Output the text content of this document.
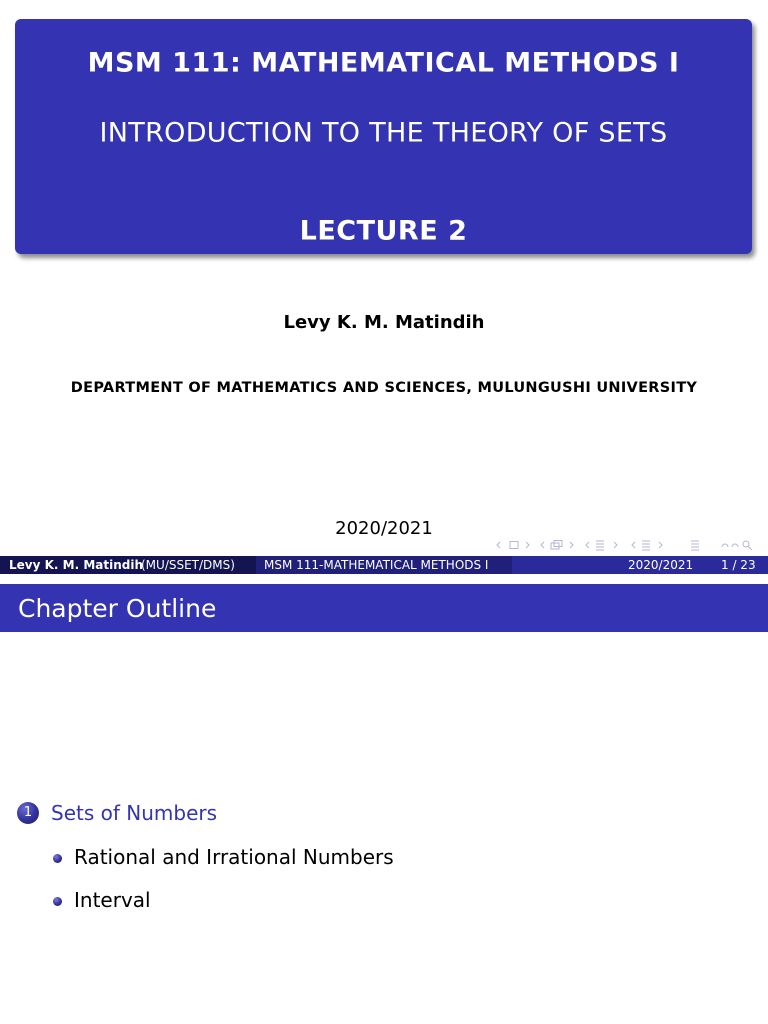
MSM 111: MATHEMATICAL METHODS I
INTRODUCTION TO THE THEORY OF SETS
LECTURE 2
Levy K. M. Matindih
DEPARTMENT OF MATHEMATICS AND SCIENCES, MULUNGUSHI UNIVERSITY
2020/2021
Levy K. M. Matindih
(MU/SSET/DMS) MSM 111-MATHEMATICAL METHODS I	2020/2021 1 / 23
Chapter Outline
1 Sets of Numbers
Rational and Irrational Numbers
Interval
